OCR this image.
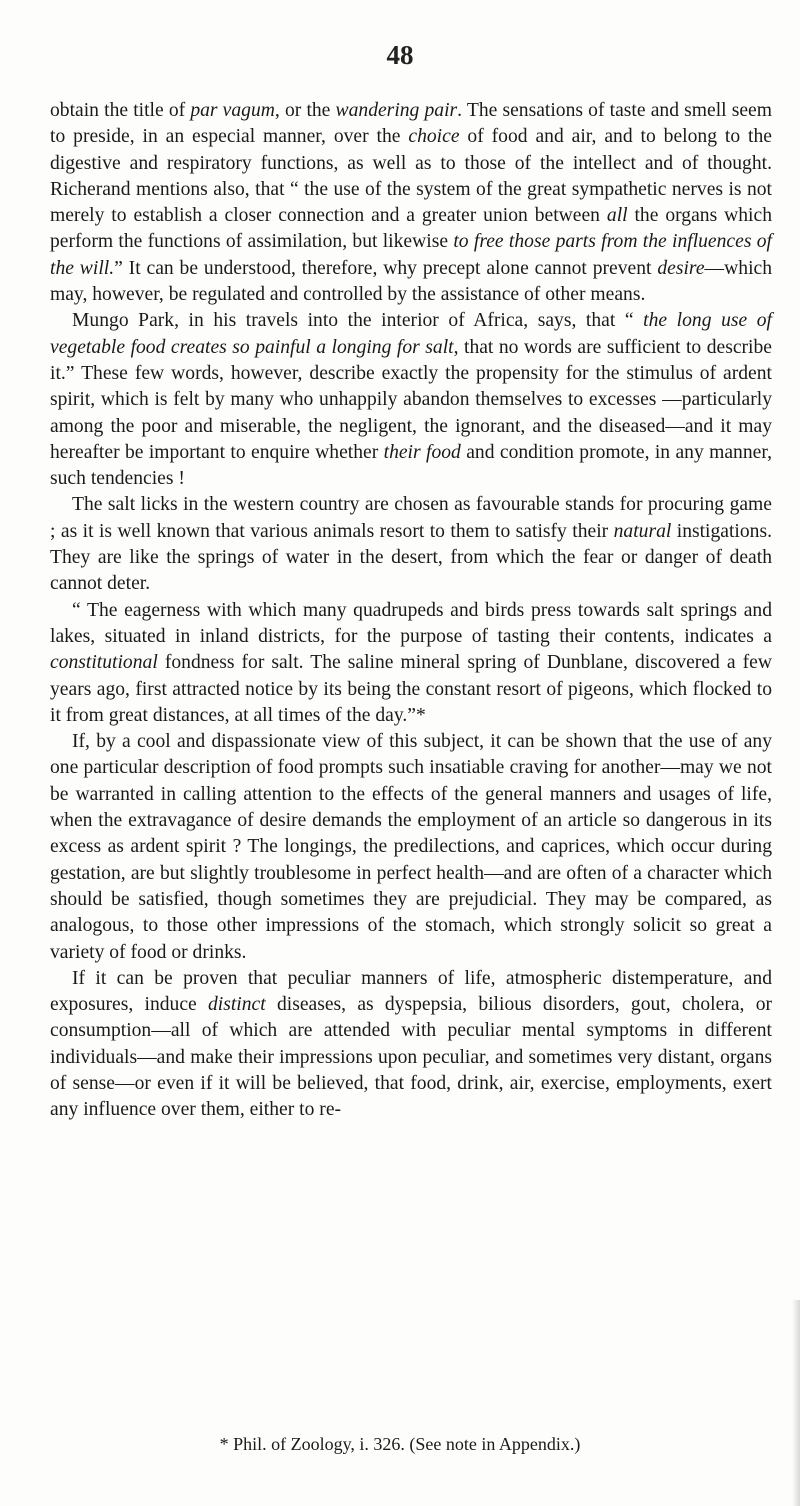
48

obtain the title of par vagum, or the wandering pair. The sensations of taste and smell seem to preside, in an especial manner, over the choice of food and air, and to belong to the digestive and respiratory functions, as well as to those of the intellect and of thought. Richerand mentions also, that “ the use of the system of the great sympathetic nerves is not merely to establish a closer connection and a greater union between all the organs which perform the functions of assimilation, but likewise to free those parts from the influences of the will.” It can be understood, therefore, why precept alone cannot prevent desire—which may, however, be regulated and controlled by the assistance of other means.

Mungo Park, in his travels into the interior of Africa, says, that “ the long use of vegetable food creates so painful a longing for salt, that no words are sufficient to describe it.” These few words, however, describe exactly the propensity for the stimulus of ardent spirit, which is felt by many who unhappily abandon themselves to excesses —particularly among the poor and miserable, the negligent, the ignorant, and the diseased—and it may hereafter be important to enquire whether their food and condition promote, in any manner, such tendencies !

The salt licks in the western country are chosen as favourable stands for procuring game ; as it is well known that various animals resort to them to satisfy their natural instigations. They are like the springs of water in the desert, from which the fear or danger of death cannot deter.

“ The eagerness with which many quadrupeds and birds press towards salt springs and lakes, situated in inland districts, for the purpose of tasting their contents, indicates a constitutional fondness for salt. The saline mineral spring of Dunblane, discovered a few years ago, first attracted notice by its being the constant resort of pigeons, which flocked to it from great distances, at all times of the day.”*

If, by a cool and dispassionate view of this subject, it can be shown that the use of any one particular description of food prompts such insatiable craving for another—may we not be warranted in calling attention to the effects of the general manners and usages of life, when the extravagance of desire demands the employment of an article so dangerous in its excess as ardent spirit ? The longings, the predilections, and caprices, which occur during gestation, are but slightly troublesome in perfect health—and are often of a character which should be satisfied, though sometimes they are prejudicial. They may be compared, as analogous, to those other impressions of the stomach, which strongly solicit so great a variety of food or drinks.

If it can be proven that peculiar manners of life, atmospheric distemperature, and exposures, induce distinct diseases, as dyspepsia, bilious disorders, gout, cholera, or consumption—all of which are attended with peculiar mental symptoms in different individuals—and make their impressions upon peculiar, and sometimes very distant, organs of sense—or even if it will be believed, that food, drink, air, exercise, employments, exert any influence over them, either to re-

* Phil. of Zoology, i. 326. (See note in Appendix.)
